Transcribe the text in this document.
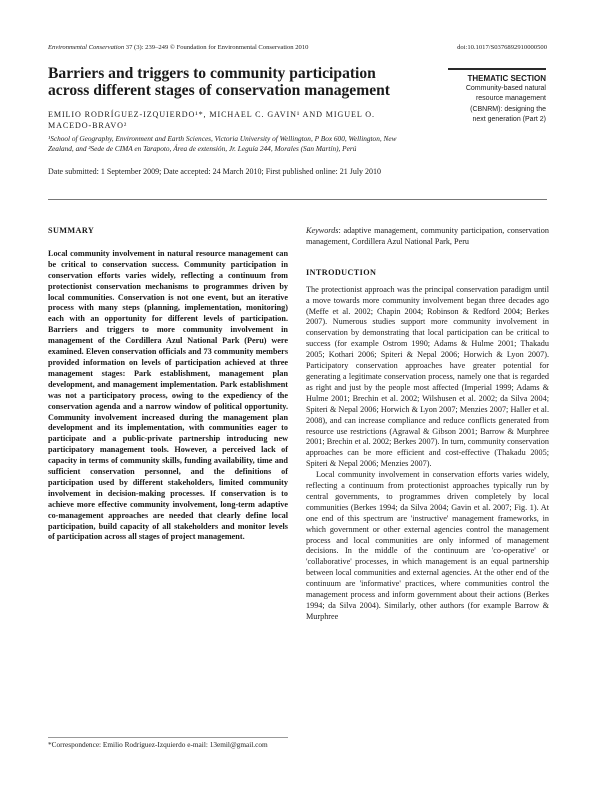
Environmental Conservation 37 (3): 239–249 © Foundation for Environmental Conservation 2010	doi:10.1017/S0376892910000500
Barriers and triggers to community participation across different stages of conservation management
EMILIO RODRÍGUEZ-IZQUIERDO¹*, MICHAEL C. GAVIN¹ AND MIGUEL O. MACEDO-BRAVO²
¹School of Geography, Environment and Earth Sciences, Victoria University of Wellington, P Box 600, Wellington, New Zealand, and ²Sede de CIMA en Tarapoto, Área de extensión, Jr. Leguía 244, Morales (San Martín), Perú
Date submitted: 1 September 2009; Date accepted: 24 March 2010; First published online: 21 July 2010
THEMATIC SECTION
Community-based natural
resource management
(CBNRM): designing the
next generation (Part 2)
SUMMARY
Local community involvement in natural resource management can be critical to conservation success. Community participation in conservation efforts varies widely, reflecting a continuum from protectionist conservation mechanisms to programmes driven by local communities. Conservation is not one event, but an iterative process with many steps (planning, implementation, monitoring) each with an opportunity for different levels of participation. Barriers and triggers to more community involvement in management of the Cordillera Azul National Park (Peru) were examined. Eleven conservation officials and 73 community members provided information on levels of participation achieved at three management stages: Park establishment, management plan development, and management implementation. Park establishment was not a participatory process, owing to the expediency of the conservation agenda and a narrow window of political opportunity. Community involvement increased during the management plan development and its implementation, with communities eager to participate and a public-private partnership introducing new participatory management tools. However, a perceived lack of capacity in terms of community skills, funding availability, time and sufficient conservation personnel, and the definitions of participation used by different stakeholders, limited community involvement in decision-making processes. If conservation is to achieve more effective community involvement, long-term adaptive co-management approaches are needed that clearly define local participation, build capacity of all stakeholders and monitor levels of participation across all stages of project management.
*Correspondence: Emilio Rodríguez-Izquierdo e-mail: 13emil@gmail.com

Keywords: adaptive management, community participation, conservation management, Cordillera Azul National Park, Peru

INTRODUCTION

The protectionist approach was the principal conservation paradigm until a move towards more community involvement began three decades ago (Meffe et al. 2002; Chapin 2004; Robinson & Redford 2004; Berkes 2007). Numerous studies support more community involvement in conservation by demonstrating that local participation can be critical to success (for example Ostrom 1990; Adams & Hulme 2001; Thakadu 2005; Kothari 2006; Spiteri & Nepal 2006; Horwich & Lyon 2007). Participatory conservation approaches have greater potential for generating a legitimate conservation process, namely one that is regarded as right and just by the people most affected (Imperial 1999; Adams & Hulme 2001; Brechin et al. 2002; Wilshusen et al. 2002; da Silva 2004; Spiteri & Nepal 2006; Horwich & Lyon 2007; Menzies 2007; Haller et al. 2008), and can increase compliance and reduce conflicts generated from resource use restrictions (Agrawal & Gibson 2001; Barrow & Murphree 2001; Brechin et al. 2002; Berkes 2007). In turn, community conservation approaches can be more efficient and cost-effective (Thakadu 2005; Spiteri & Nepal 2006; Menzies 2007).

Local community involvement in conservation efforts varies widely, reflecting a continuum from protectionist approaches typically run by central governments, to programmes driven completely by local communities (Berkes 1994; da Silva 2004; Gavin et al. 2007; Fig. 1). At one end of this spectrum are 'instructive' management frameworks, in which government or other external agencies control the management process and local communities are only informed of management decisions. In the middle of the continuum are 'co-operative' or 'collaborative' processes, in which management is an equal partnership between local communities and external agencies. At the other end of the continuum are 'informative' practices, where communities control the management process and inform government about their actions (Berkes 1994; da Silva 2004). Similarly, other authors (for example Barrow & Murphree
